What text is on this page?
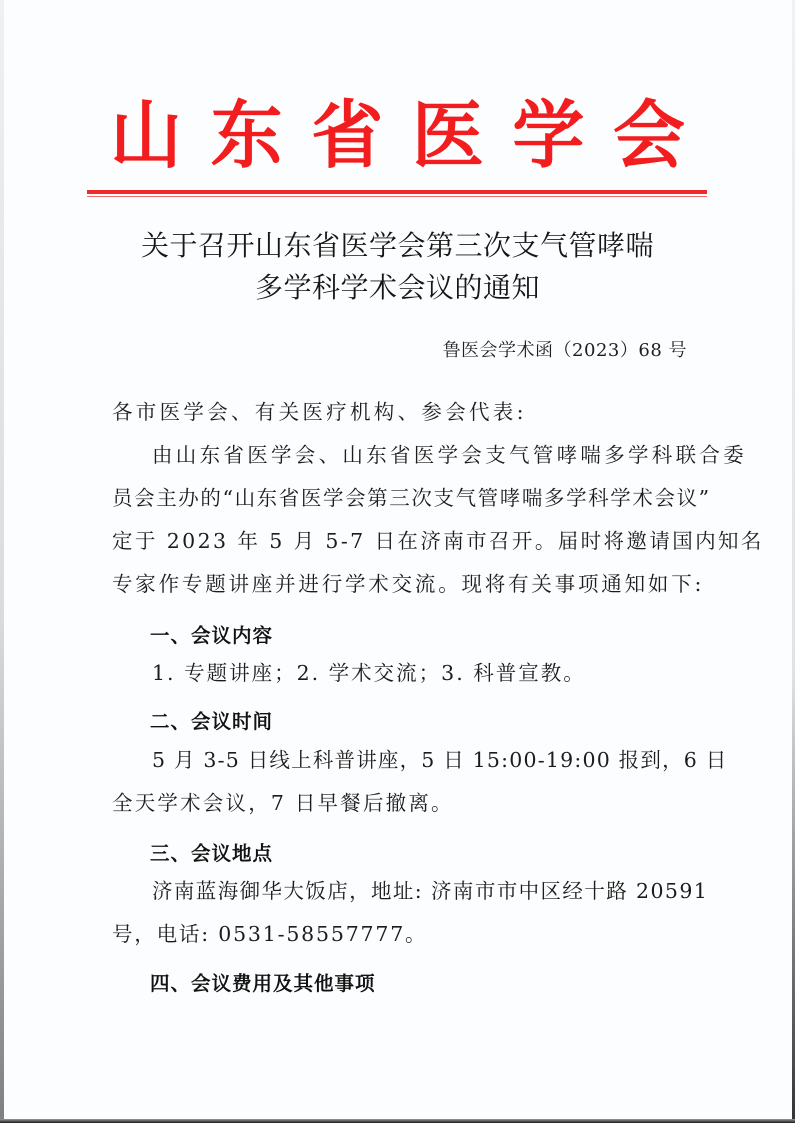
山 东 省 医 学 会
关于召开山东省医学会第三次支气管哮喘
多学科学术会议的通知
鲁医会学术函（2023）68 号
各市医学会、有关医疗机构、参会代表:
由山东省医学会、山东省医学会支气管哮喘多学科联合委
员会主办的“山东省医学会第三次支气管哮喘多学科学术会议”
定于 2023 年 5 月 5-7 日在济南市召开。届时将邀请国内知名
专家作专题讲座并进行学术交流。现将有关事项通知如下:
一、会议内容
1. 专题讲座；2. 学术交流；3. 科普宣教。
二、会议时间
5 月 3-5 日线上科普讲座，5 日 15:00-19:00 报到，6 日
全天学术会议，7 日早餐后撤离。
三、会议地点
济南蓝海御华大饭店，地址: 济南市市中区经十路 20591
号，电话: 0531-58557777。
四、会议费用及其他事项
